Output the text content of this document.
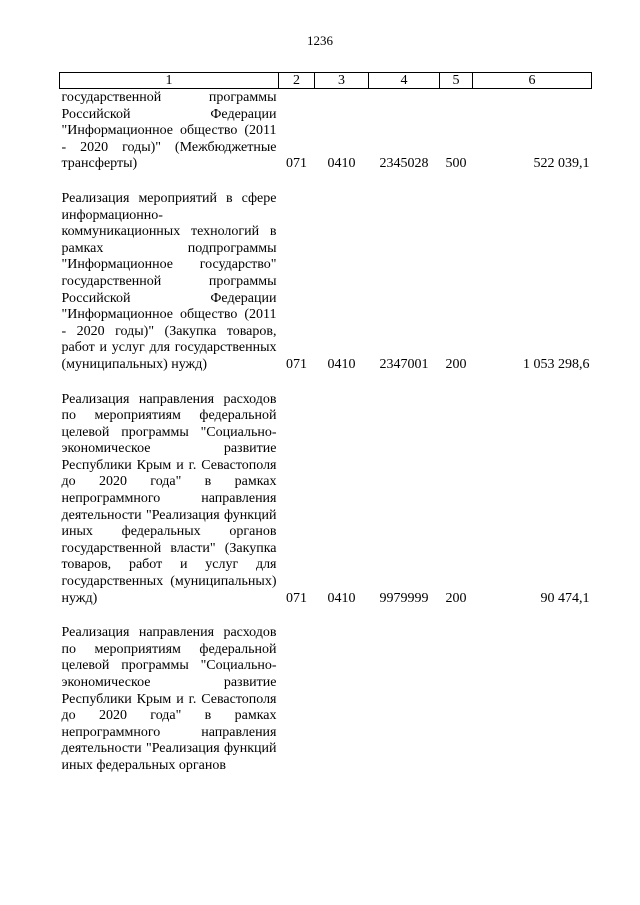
1236
1	2	3	4	5	6
государственной программы Российской Федерации "Информационное общество (2011 - 2020 годы)" (Межбюджетные трансферты)	071	0410	2345028	500	522 039,1

Реализация мероприятий в сфере информационно-коммуникационных технологий в рамках подпрограммы "Информационное государство" государственной программы Российской Федерации "Информационное общество (2011 - 2020 годы)" (Закупка товаров, работ и услуг для государственных (муниципальных) нужд)	071	0410	2347001	200	1 053 298,6

Реализация направления расходов по мероприятиям федеральной целевой программы "Социально-экономическое развитие Республики Крым и г. Севастополя до 2020 года" в рамках непрограммного направления деятельности "Реализация функций иных федеральных органов государственной власти" (Закупка товаров, работ и услуг для государственных (муниципальных) нужд)	071	0410	9979999	200	90 474,1

Реализация направления расходов по мероприятиям федеральной целевой программы "Социально-экономическое развитие Республики Крым и г. Севастополя до 2020 года" в рамках непрограммного направления деятельности "Реализация функций иных федеральных органов					
